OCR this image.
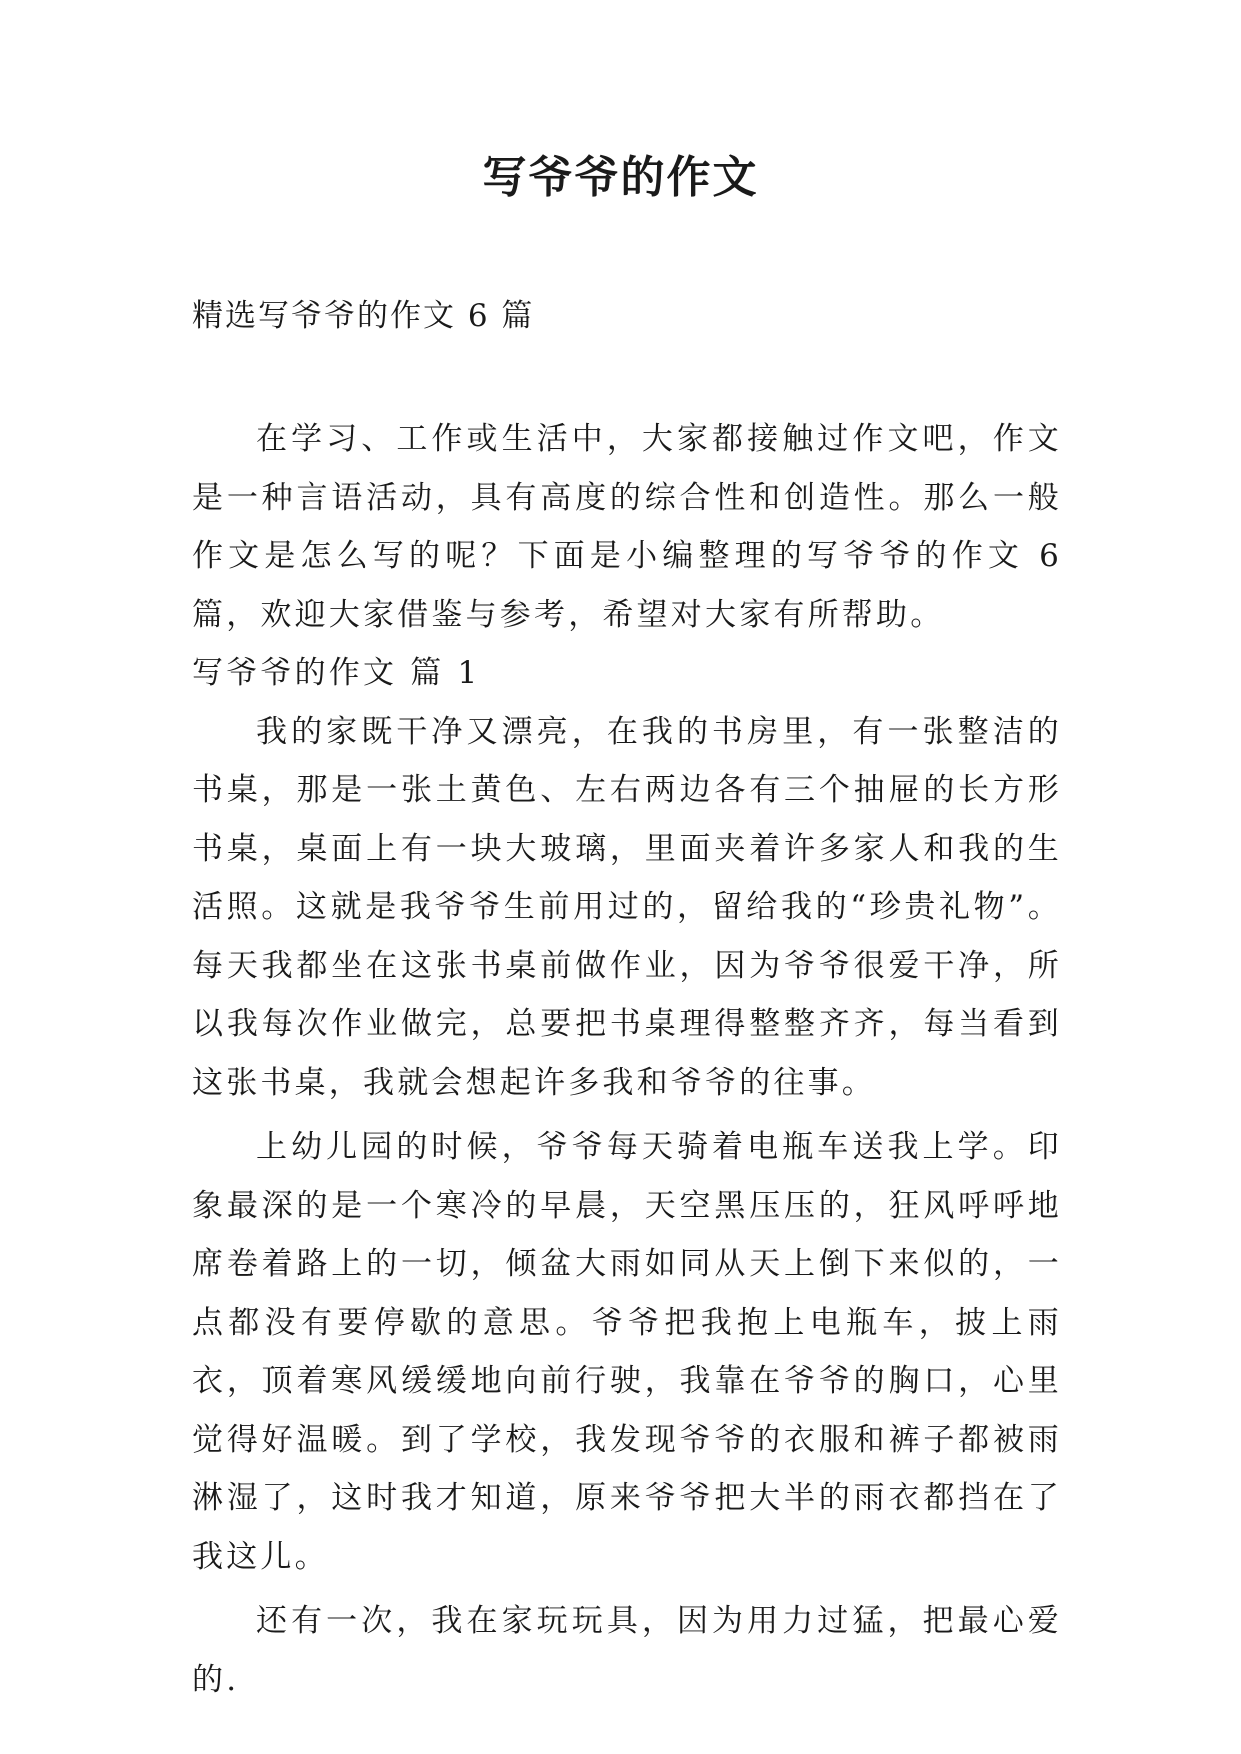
写爷爷的作文
精选写爷爷的作文 6 篇

在学习、工作或生活中，大家都接触过作文吧，作文是一种言语活动，具有高度的综合性和创造性。那么一般作文是怎么写的呢？下面是小编整理的写爷爷的作文 6 篇，欢迎大家借鉴与参考，希望对大家有所帮助。

写爷爷的作文 篇 1

我的家既干净又漂亮，在我的书房里，有一张整洁的书桌，那是一张土黄色、左右两边各有三个抽屉的长方形书桌，桌面上有一块大玻璃，里面夹着许多家人和我的生活照。这就是我爷爷生前用过的，留给我的“珍贵礼物”。每天我都坐在这张书桌前做作业，因为爷爷很爱干净，所以我每次作业做完，总要把书桌理得整整齐齐，每当看到这张书桌，我就会想起许多我和爷爷的往事。

上幼儿园的时候，爷爷每天骑着电瓶车送我上学。印象最深的是一个寒冷的早晨，天空黑压压的，狂风呼呼地席卷着路上的一切，倾盆大雨如同从天上倒下来似的，一点都没有要停歇的意思。爷爷把我抱上电瓶车，披上雨衣，顶着寒风缓缓地向前行驶，我靠在爷爷的胸口，心里觉得好温暖。到了学校，我发现爷爷的衣服和裤子都被雨淋湿了，这时我才知道，原来爷爷把大半的雨衣都挡在了我这儿。

还有一次，我在家玩玩具，因为用力过猛，把最心爱的.
